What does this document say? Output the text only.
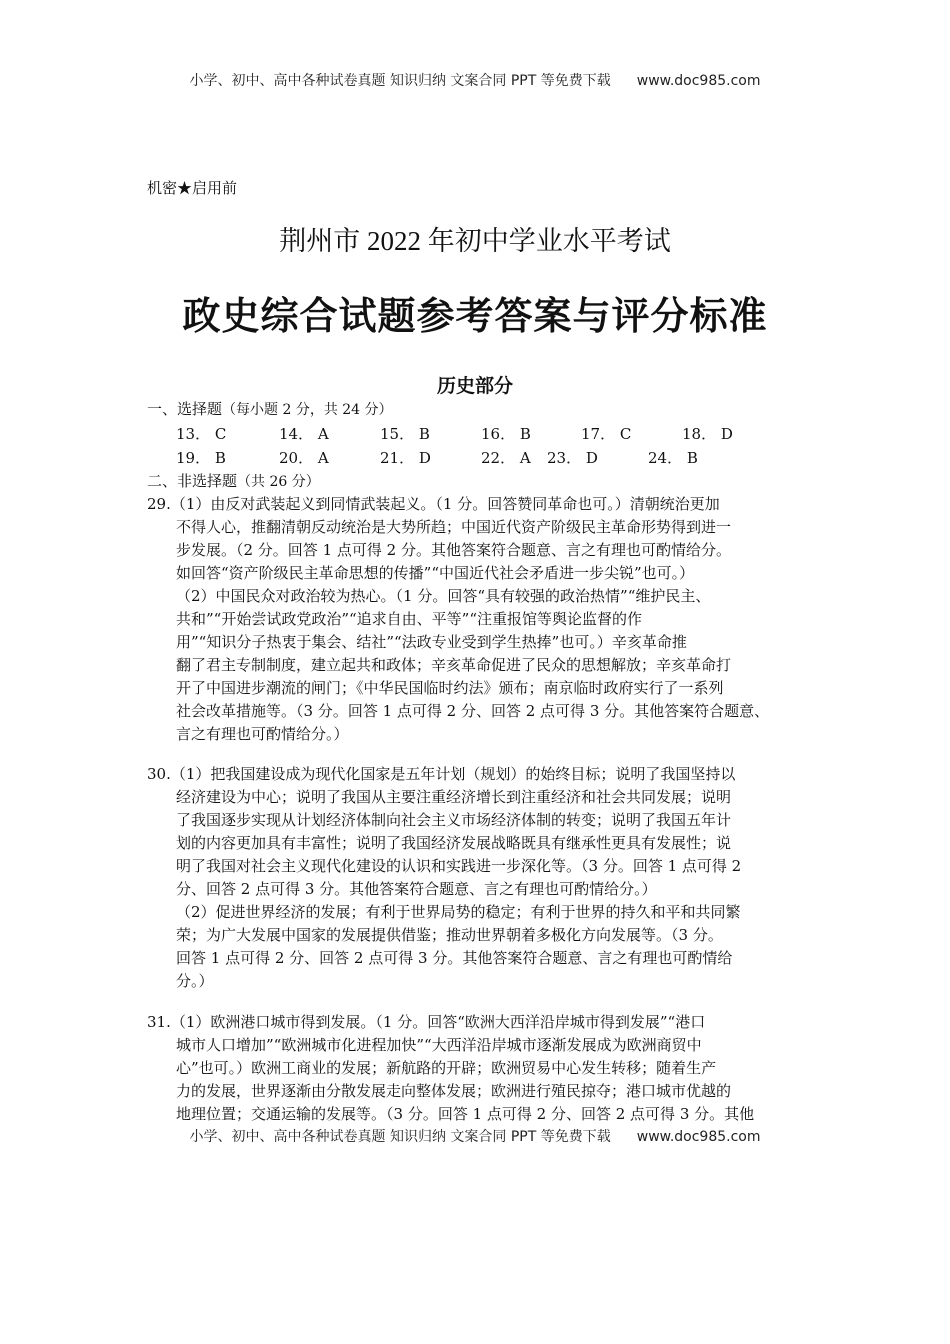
小学、初中、高中各种试卷真题 知识归纳 文案合同 PPT 等免费下载 www.doc985.com
机密★启用前
荆州市 2022 年初中学业水平考试
政史综合试题参考答案与评分标准
历史部分
一、选择题（每小题 2 分，共 24 分）
13． C	14． A	15． B	16． B	17． C	18． D
19． B	20． A	21． D	22． A 23． D	24． B
二、非选择题（共 26 分）
29.（1）由反对武装起义到同情武装起义。（1 分。回答赞同革命也可。）清朝统治更加
不得人心，推翻清朝反动统治是大势所趋；中国近代资产阶级民主革命形势得到进一
步发展。（2 分。回答 1 点可得 2 分。其他答案符合题意、言之有理也可酌情给分。
如回答“资产阶级民主革命思想的传播”“中国近代社会矛盾进一步尖锐”也可。）
（2）中国民众对政治较为热心。（1 分。回答“具有较强的政治热情”“维护民主、
共和”“开始尝试政党政治”“追求自由、平等”“注重报馆等舆论监督的作
用”“知识分子热衷于集会、结社”“法政专业受到学生热捧”也可。）辛亥革命推
翻了君主专制制度，建立起共和政体；辛亥革命促进了民众的思想解放；辛亥革命打
开了中国进步潮流的闸门；《中华民国临时约法》颁布；南京临时政府实行了一系列
社会改革措施等。（3 分。回答 1 点可得 2 分、回答 2 点可得 3 分。其他答案符合题意、
言之有理也可酌情给分。）
30.（1）把我国建设成为现代化国家是五年计划（规划）的始终目标；说明了我国坚持以
经济建设为中心；说明了我国从主要注重经济增长到注重经济和社会共同发展；说明
了我国逐步实现从计划经济体制向社会主义市场经济体制的转变；说明了我国五年计
划的内容更加具有丰富性；说明了我国经济发展战略既具有继承性更具有发展性；说
明了我国对社会主义现代化建设的认识和实践进一步深化等。（3 分。回答 1 点可得 2
分、回答 2 点可得 3 分。其他答案符合题意、言之有理也可酌情给分。）
（2）促进世界经济的发展；有利于世界局势的稳定；有利于世界的持久和平和共同繁
荣；为广大发展中国家的发展提供借鉴；推动世界朝着多极化方向发展等。（3 分。
回答 1 点可得 2 分、回答 2 点可得 3 分。其他答案符合题意、言之有理也可酌情给
分。）
31.（1）欧洲港口城市得到发展。（1 分。回答“欧洲大西洋沿岸城市得到发展”“港口
城市人口增加”“欧洲城市化进程加快”“大西洋沿岸城市逐渐发展成为欧洲商贸中
心”也可。）欧洲工商业的发展；新航路的开辟；欧洲贸易中心发生转移；随着生产
力的发展，世界逐渐由分散发展走向整体发展；欧洲进行殖民掠夺；港口城市优越的
地理位置；交通运输的发展等。（3 分。回答 1 点可得 2 分、回答 2 点可得 3 分。其他
小学、初中、高中各种试卷真题 知识归纳 文案合同 PPT 等免费下载 www.doc985.com
